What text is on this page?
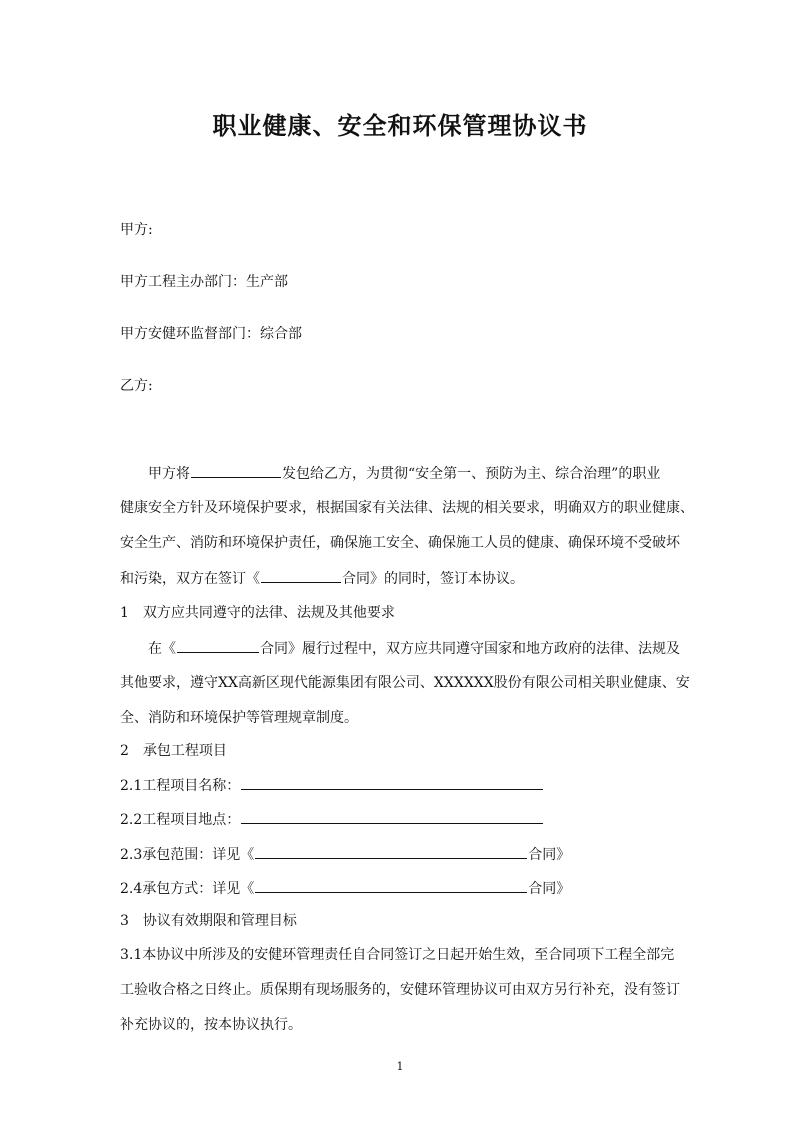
职业健康、安全和环保管理协议书
甲方:
甲方工程主办部门：生产部
甲方安健环监督部门：综合部
乙方:
甲方将	发包给乙方，为贯彻“安全第一、预防为主、综合治理”的职业
健康安全方针及环境保护要求，根据国家有关法律、法规的相关要求，明确双方的职业健康、
安全生产、消防和环境保护责任，确保施工安全、确保施工人员的健康、确保环境不受破坏
和污染，双方在签订《	合同》的同时，签订本协议。
1　双方应共同遵守的法律、法规及其他要求
在《	合同》履行过程中，双方应共同遵守国家和地方政府的法律、法规及
其他要求，遵守XX高新区现代能源集团有限公司、XXXXXX股份有限公司相关职业健康、安
全、消防和环境保护等管理规章制度。
2　承包工程项目
2.1工程项目名称：
2.2工程项目地点：
2.3承包范围：详见《	合同》
2.4承包方式：详见《	合同》
3　协议有效期限和管理目标
3.1本协议中所涉及的安健环管理责任自合同签订之日起开始生效，至合同项下工程全部完
工验收合格之日终止。质保期有现场服务的，安健环管理协议可由双方另行补充，没有签订
补充协议的，按本协议执行。
1
